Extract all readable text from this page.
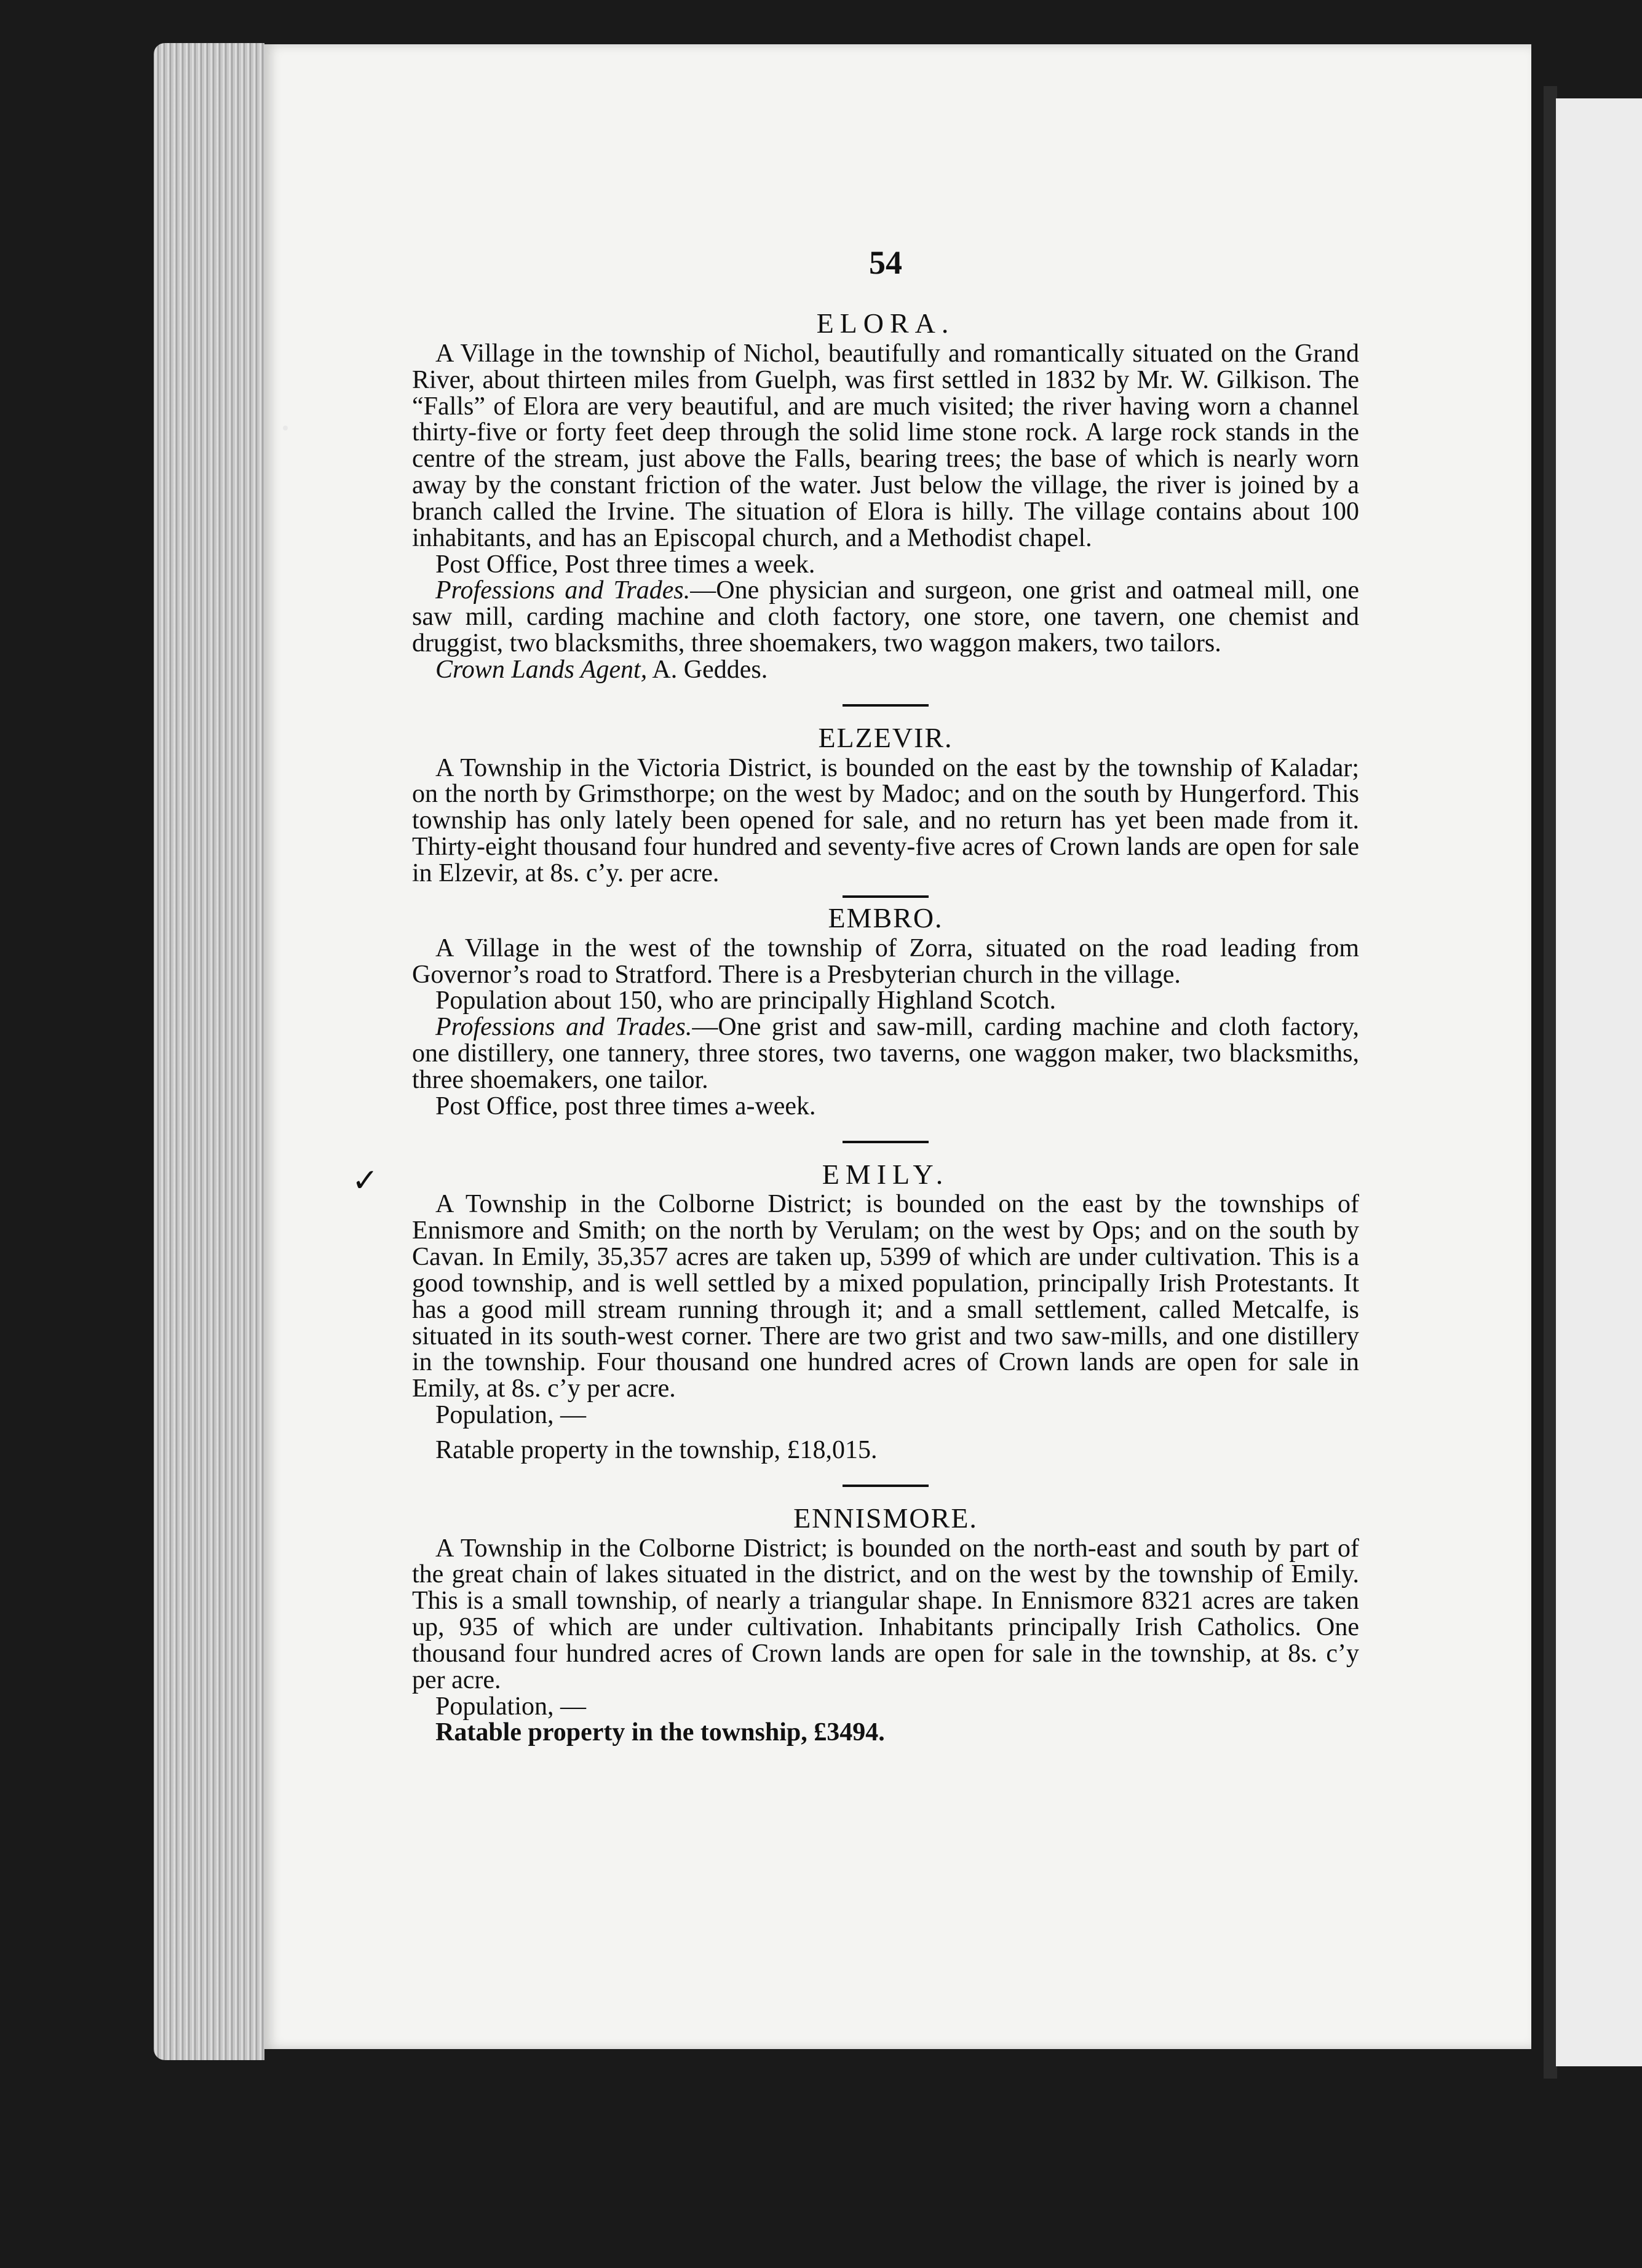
✓
54
ELORA.

A Village in the township of Nichol, beautifully and romantically situated on the Grand River, about thirteen miles from Guelph, was first settled in 1832 by Mr. W. Gilkison. The “Falls” of Elora are very beautiful, and are much visited; the river having worn a channel thirty-five or forty feet deep through the solid lime stone rock. A large rock stands in the centre of the stream, just above the Falls, bearing trees; the base of which is nearly worn away by the constant friction of the water. Just below the village, the river is joined by a branch called the Irvine. The situation of Elora is hilly. The village contains about 100 inhabitants, and has an Episcopal church, and a Methodist chapel.

Post Office, Post three times a week.

Professions and Trades.—One physician and surgeon, one grist and oatmeal mill, one saw mill, carding machine and cloth factory, one store, one tavern, one chemist and druggist, two blacksmiths, three shoemakers, two waggon makers, two tailors.

Crown Lands Agent, A. Geddes.

ELZEVIR.

A Township in the Victoria District, is bounded on the east by the township of Kaladar; on the north by Grimsthorpe; on the west by Madoc; and on the south by Hungerford. This township has only lately been opened for sale, and no return has yet been made from it. Thirty-eight thousand four hundred and seventy-five acres of Crown lands are open for sale in Elzevir, at 8s. c’y. per acre.

EMBRO.

A Village in the west of the township of Zorra, situated on the road leading from Governor’s road to Stratford. There is a Presbyterian church in the village.

Population about 150, who are principally Highland Scotch.

Professions and Trades.—One grist and saw-mill, carding machine and cloth factory, one distillery, one tannery, three stores, two taverns, one waggon maker, two blacksmiths, three shoemakers, one tailor.

Post Office, post three times a-week.

EMILY.

A Township in the Colborne District; is bounded on the east by the townships of Ennismore and Smith; on the north by Verulam; on the west by Ops; and on the south by Cavan. In Emily, 35,357 acres are taken up, 5399 of which are under cultivation. This is a good township, and is well settled by a mixed population, principally Irish Protestants. It has a good mill stream running through it; and a small settlement, called Metcalfe, is situated in its south-west corner. There are two grist and two saw-mills, and one distillery in the township. Four thousand one hundred acres of Crown lands are open for sale in Emily, at 8s. c’y per acre.

Population, —

Ratable property in the township, £18,015.

ENNISMORE.

A Township in the Colborne District; is bounded on the north-east and south by part of the great chain of lakes situated in the district, and on the west by the township of Emily. This is a small township, of nearly a triangular shape. In Ennismore 8321 acres are taken up, 935 of which are under cultivation. Inhabitants principally Irish Catholics. One thousand four hundred acres of Crown lands are open for sale in the township, at 8s. c’y per acre.

Population, —

Ratable property in the township, £3494.
